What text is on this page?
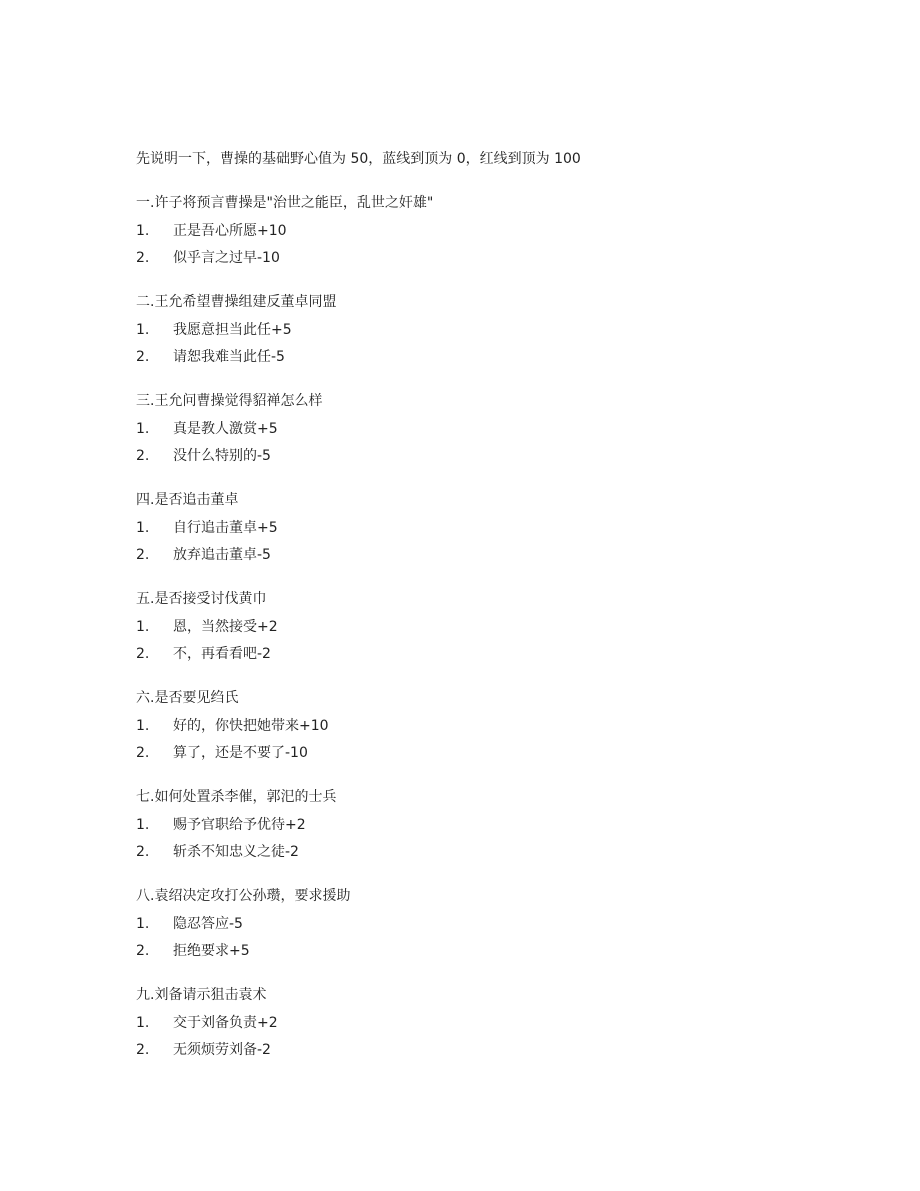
先说明一下，曹操的基础野心值为 50，蓝线到顶为 0，红线到顶为 100
一.许子将预言曹操是"治世之能臣，乱世之奸雄"
1.	正是吾心所愿+10
2.	似乎言之过早-10
二.王允希望曹操组建反董卓同盟
1.	我愿意担当此任+5
2.	请恕我难当此任-5
三.王允问曹操觉得貂禅怎么样
1.	真是教人激赏+5
2.	没什么特别的-5
四.是否追击董卓
1.	自行追击董卓+5
2.	放弃追击董卓-5
五.是否接受讨伐黄巾
1.	恩，当然接受+2
2.	不，再看看吧-2
六.是否要见绉氏
1.	好的，你快把她带来+10
2.	算了，还是不要了-10
七.如何处置杀李催，郭汜的士兵
1.	赐予官职给予优待+2
2.	斩杀不知忠义之徒-2
八.袁绍决定攻打公孙瓒，要求援助
1.	隐忍答应-5
2.	拒绝要求+5
九.刘备请示狙击袁术
1.	交于刘备负责+2
2.	无须烦劳刘备-2
